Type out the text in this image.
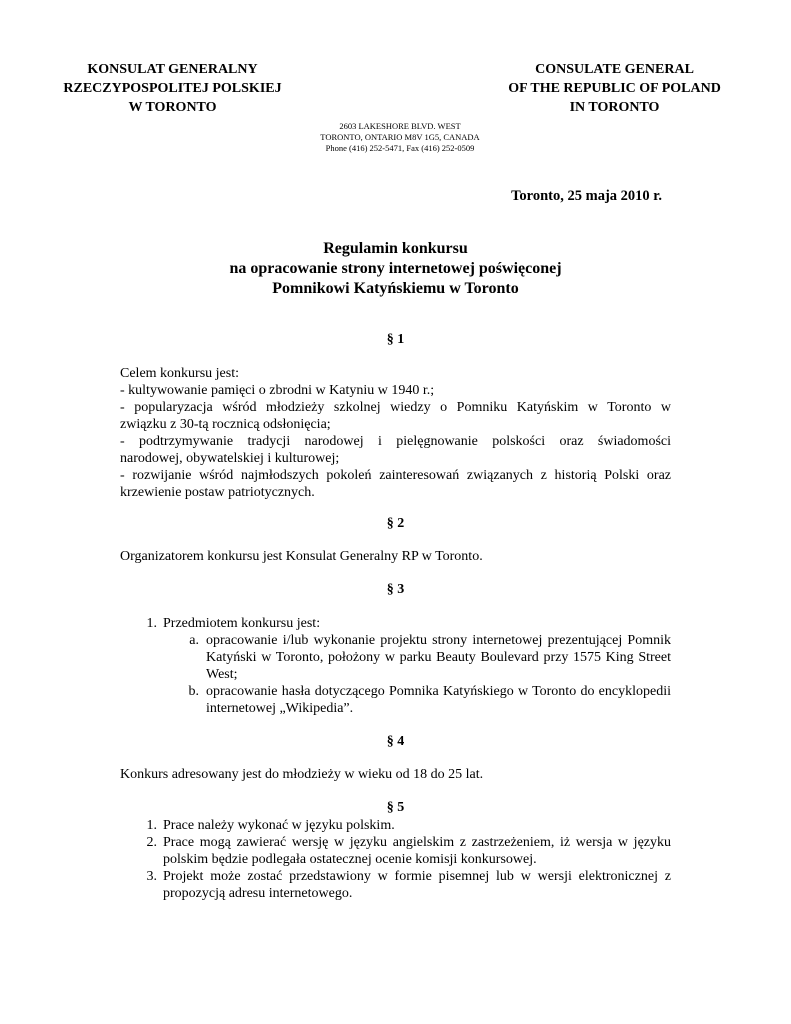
KONSULAT GENERALNY
RZECZYPOSPOLITEJ POLSKIEJ
W TORONTO
CONSULATE GENERAL
OF THE REPUBLIC OF POLAND
IN TORONTO
2603 LAKESHORE BLVD. WEST
TORONTO, ONTARIO M8V 1G5, CANADA
Phone (416) 252-5471, Fax (416) 252-0509
Toronto, 25 maja 2010 r.
Regulamin konkursu
na opracowanie strony internetowej poświęconej
Pomnikowi Katyńskiemu w Toronto
§ 1
Celem konkursu jest:
- kultywowanie pamięci o zbrodni w Katyniu w 1940 r.;
- popularyzacja wśród młodzieży szkolnej wiedzy o Pomniku Katyńskim w Toronto w
związku z 30-tą rocznicą odsłonięcia;
- podtrzymywanie tradycji narodowej i pielęgnowanie polskości oraz świadomości
narodowej, obywatelskiej i kulturowej;
- rozwijanie wśród najmłodszych pokoleń zainteresowań związanych z historią Polski oraz
krzewienie postaw patriotycznych.
§ 2
Organizatorem konkursu jest Konsulat Generalny RP w Toronto.
§ 3
1. Przedmiotem konkursu jest:
a. opracowanie i/lub wykonanie projektu strony internetowej prezentującej Pomnik Katyński w Toronto, położony w parku Beauty Boulevard przy 1575 King Street West;
b. opracowanie hasła dotyczącego Pomnika Katyńskiego w Toronto do encyklopedii internetowej „Wikipedia”.
§ 4
Konkurs adresowany jest do młodzieży w wieku od 18 do 25 lat.
§ 5
1. Prace należy wykonać w języku polskim.
2. Prace mogą zawierać wersję w języku angielskim z zastrzeżeniem, iż wersja w języku polskim będzie podlegała ostatecznej ocenie komisji konkursowej.
3. Projekt może zostać przedstawiony w formie pisemnej lub w wersji elektronicznej z propozycją adresu internetowego.
